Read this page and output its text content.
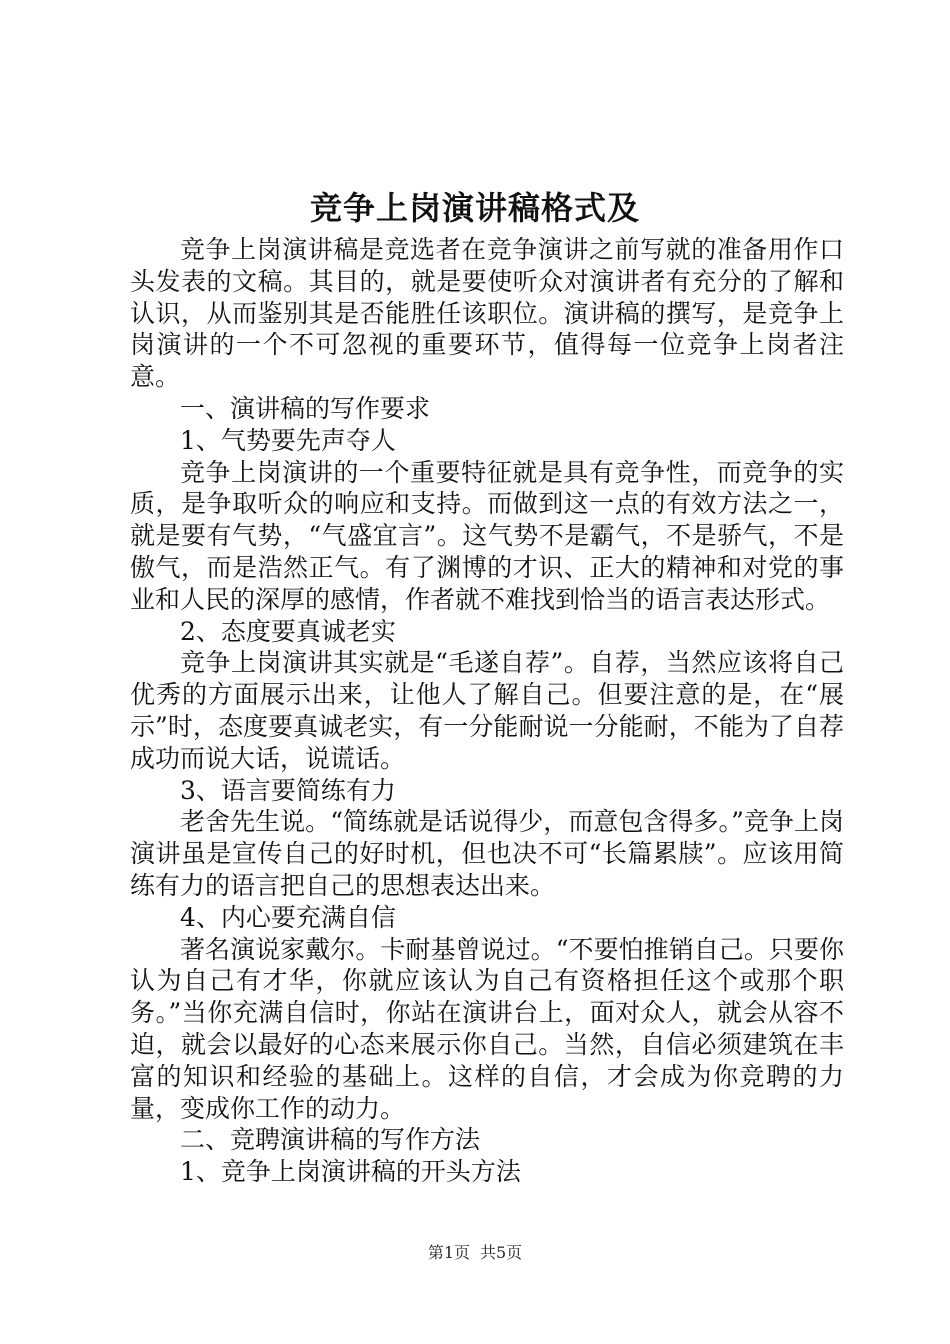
竞争上岗演讲稿格式及

竞争上岗演讲稿是竞选者在竞争演讲之前写就的准备用作口头发表的文稿。其目的，就是要使听众对演讲者有充分的了解和认识，从而鉴别其是否能胜任该职位。演讲稿的撰写，是竞争上岗演讲的一个不可忽视的重要环节，值得每一位竞争上岗者注意。

一、演讲稿的写作要求

1、气势要先声夺人

竞争上岗演讲的一个重要特征就是具有竞争性，而竞争的实质，是争取听众的响应和支持。而做到这一点的有效方法之一，就是要有气势，“气盛宜言”。这气势不是霸气，不是骄气，不是傲气，而是浩然正气。有了渊博的才识、正大的精神和对党的事业和人民的深厚的感情，作者就不难找到恰当的语言表达形式。

2、态度要真诚老实

竞争上岗演讲其实就是“毛遂自荐”。自荐，当然应该将自己优秀的方面展示出来，让他人了解自己。但要注意的是，在“展示”时，态度要真诚老实，有一分能耐说一分能耐，不能为了自荐成功而说大话，说谎话。

3、语言要简练有力

老舍先生说。“简练就是话说得少，而意包含得多。”竞争上岗演讲虽是宣传自己的好时机，但也决不可“长篇累牍”。应该用简练有力的语言把自己的思想表达出来。

4、内心要充满自信

著名演说家戴尔。卡耐基曾说过。“不要怕推销自己。只要你认为自己有才华，你就应该认为自己有资格担任这个或那个职务。”当你充满自信时，你站在演讲台上，面对众人，就会从容不迫，就会以最好的心态来展示你自己。当然，自信必须建筑在丰富的知识和经验的基础上。这样的自信，才会成为你竞聘的力量，变成你工作的动力。

二、竞聘演讲稿的写作方法

1、竞争上岗演讲稿的开头方法

第1页 共5页
